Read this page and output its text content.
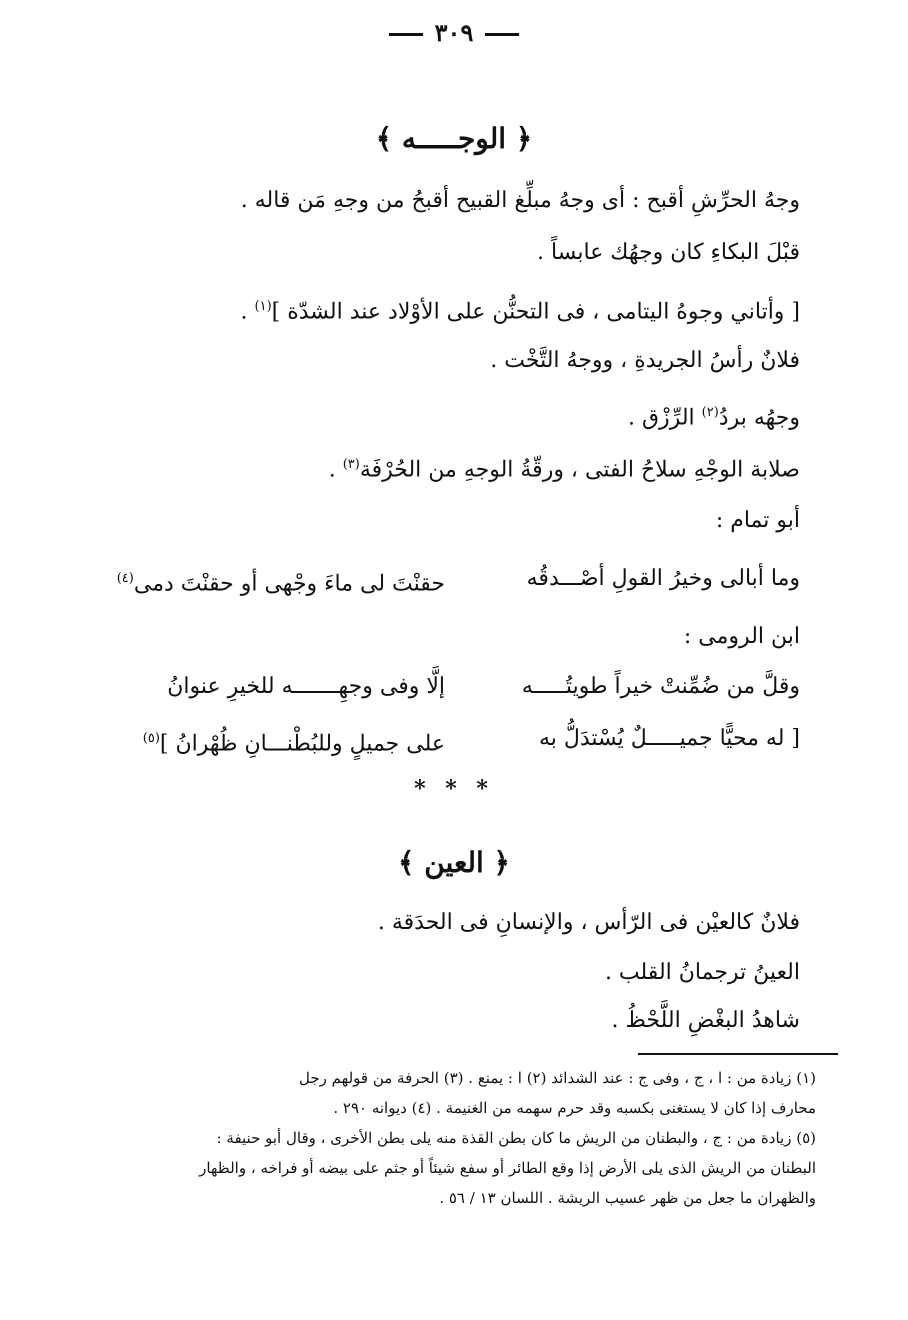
٣٠٩
﴿ الوجـــــه ﴾
وجهُ الحرِّشِ أقبح : أى وجهُ مبلِّغ القبيح أقبحُ من وجهِ مَن قاله .
قبْلَ البكاءِ كان وجهُك عابساً .
[ وأتاني وجوهُ اليتامى ، فى التحنُّن على الأوْلاد عند الشدّة ]$^{(١)}$ .
فلانٌ رأسُ الجريدةِ ، ووجهُ التَّخْت .
وجهُه بردُ$^{(٢)}$ الرِّزْق .
صلابة الوجْهِ سلاحُ الفتى ، ورقّةُ الوجهِ من الحُرْفَة$^{(٣)}$ .
أبو تمام :
وما أبالى وخيرُ القولِ أصْـــدقُه
حقنْتَ لى ماءَ وجْهى أو حقنْتَ دمى$^{(٤)}$
ابن الرومى :
وقلَّ من ضُمِّنتْ خيراً طويتُـــــه
إلَّا وفى وجهِـــــــه للخيرِ عنوانُ
[ له محيًّا جميـــــلٌ يُسْتدَلُّ به
على جميلٍ وللبُطْنـــانِ ظُهْرانُ ]$^{(٥)}$
* * *
﴿ العين ﴾
فلانٌ كالعيْن فى الرّأس ، والإنسانِ فى الحدَقة .
العينُ ترجمانُ القلب .
شاهدُ البغْضِ اللَّحْظُ .
(١) زيادة من : ا ، ج ، وفى ج : عند الشدائد (٢) ا : يمنع . (٣) الحرفة من قولهم رجل
محارف إذا كان لا يستغنى بكسبه وقد حرم سهمه من الغنيمة . (٤) ديوانه ٢٩٠ .
(٥) زيادة من : ج ، والبطنان من الريش ما كان بطن القذة منه يلى بطن الأخرى ، وقال أبو حنيفة :
البطنان من الريش الذى يلى الأرض إذا وقع الطائر أو سفع شيئاً أو جثم على بيضه أو فراخه ، والظهار
والظهران ما جعل من ظهر عسيب الريشة . اللسان ١٣ / ٥٦ .
